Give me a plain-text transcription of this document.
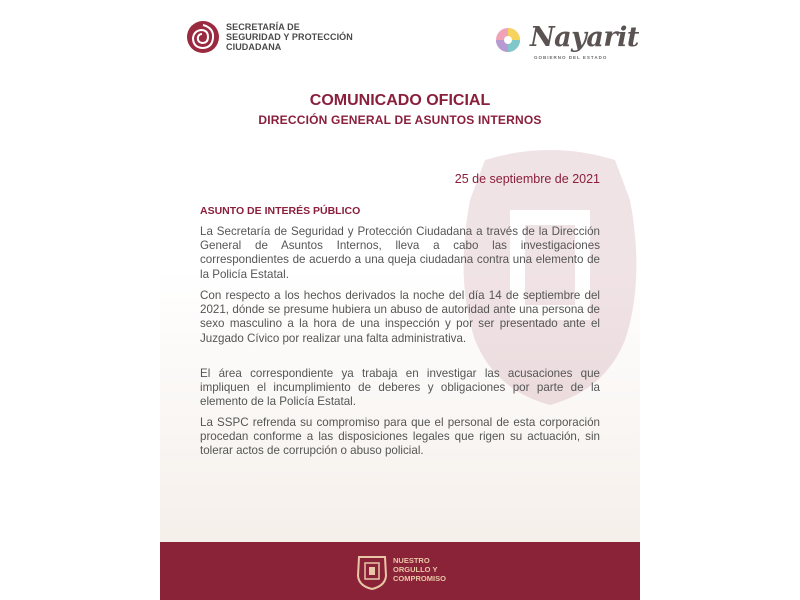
SECRETARÍA DE
SEGURIDAD Y PROTECCIÓN
CIUDADANA	Nayarit
GOBIERNO DEL ESTADO
COMUNICADO OFICIAL
DIRECCIÓN GENERAL DE ASUNTOS INTERNOS
25 de septiembre de 2021
ASUNTO DE INTERÉS PÚBLICO

La Secretaría de Seguridad y Protección Ciudadana a través de la Dirección General de Asuntos Internos, lleva a cabo las investigaciones correspondientes de acuerdo a una queja ciudadana contra una elemento de la Policía Estatal.

Con respecto a los hechos derivados la noche del día 14 de septiembre del 2021, dónde se presume hubiera un abuso de autoridad ante una persona de sexo masculino a la hora de una inspección y por ser presentado ante el Juzgado Cívico por realizar una falta administrativa.

El área correspondiente ya trabaja en investigar las acusaciones que impliquen el incumplimiento de deberes y obligaciones por parte de la elemento de la Policía Estatal.

La SSPC refrenda su compromiso para que el personal de esta corporación procedan conforme a las disposiciones legales que rigen su actuación, sin tolerar actos de corrupción o abuso policial.

NUESTRO
ORGULLO Y
COMPROMISO
